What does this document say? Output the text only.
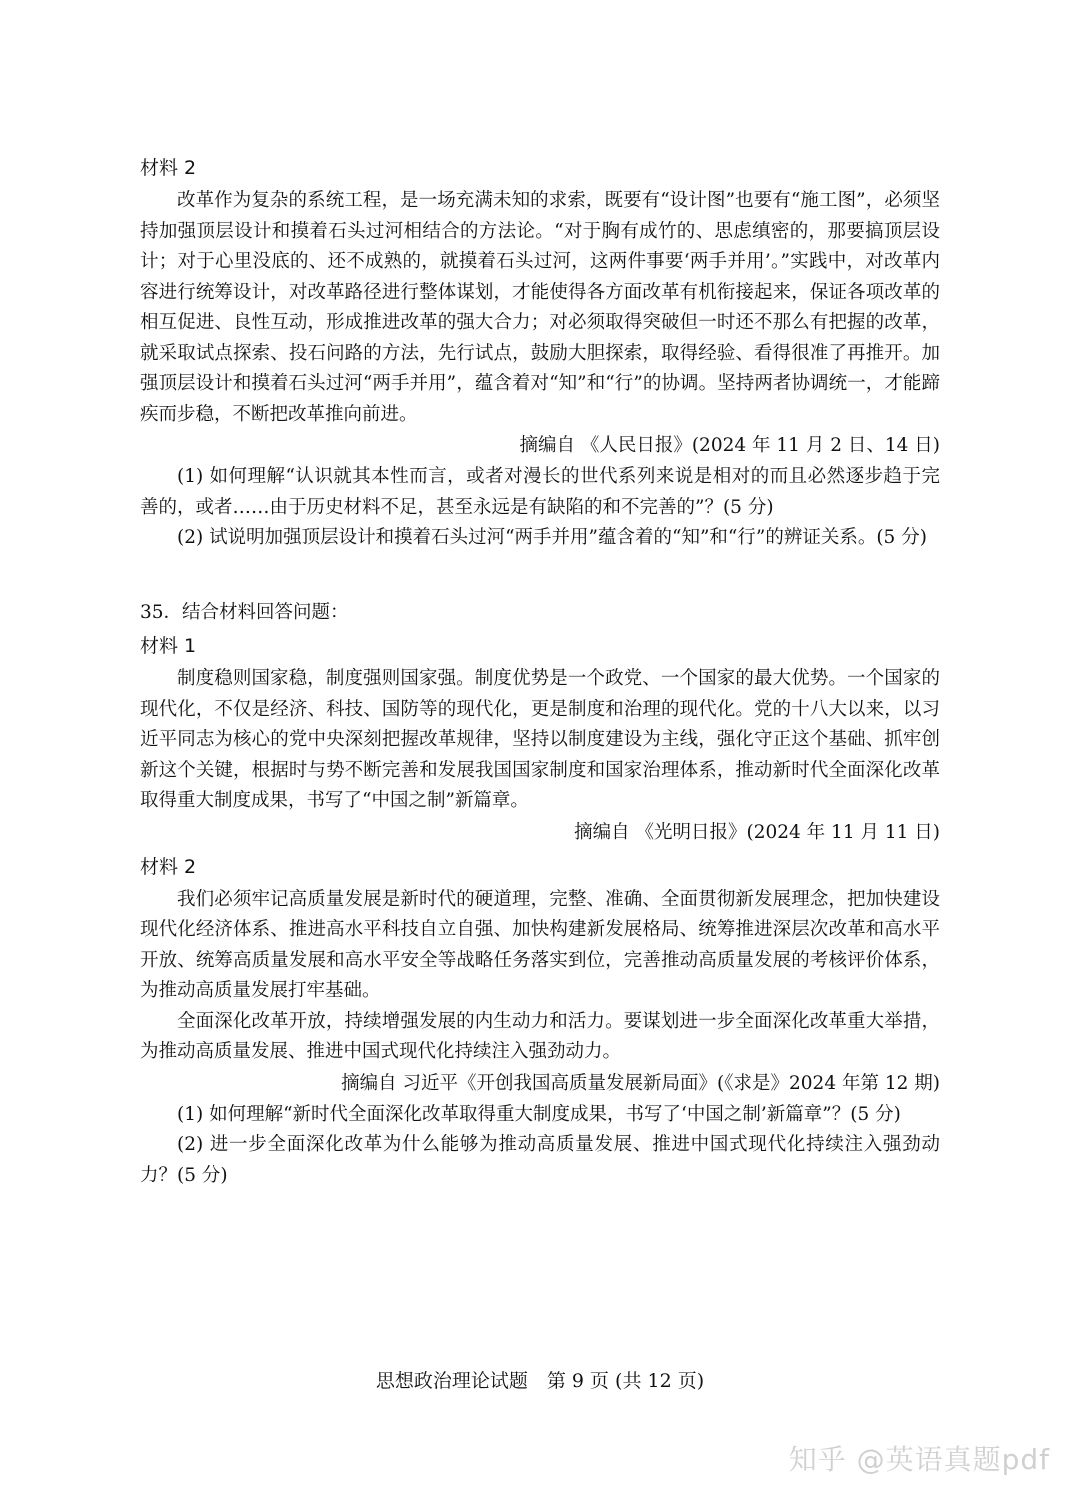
材料 2

改革作为复杂的系统工程，是一场充满未知的求索，既要有“设计图”也要有“施工图”，必须坚持加强顶层设计和摸着石头过河相结合的方法论。“对于胸有成竹的、思虑缜密的，那要搞顶层设计；对于心里没底的、还不成熟的，就摸着石头过河，这两件事要‘两手并用’。”实践中，对改革内容进行统筹设计，对改革路径进行整体谋划，才能使得各方面改革有机衔接起来，保证各项改革的相互促进、良性互动，形成推进改革的强大合力；对必须取得突破但一时还不那么有把握的改革，就采取试点探索、投石问路的方法，先行试点，鼓励大胆探索，取得经验、看得很准了再推开。加强顶层设计和摸着石头过河“两手并用”，蕴含着对“知”和“行”的协调。坚持两者协调统一，才能蹄疾而步稳，不断把改革推向前进。

摘编自 《人民日报》(2024 年 11 月 2 日、14 日)

(1) 如何理解“认识就其本性而言，或者对漫长的世代系列来说是相对的而且必然逐步趋于完善的，或者……由于历史材料不足，甚至永远是有缺陷的和不完善的”？(5 分)

(2) 试说明加强顶层设计和摸着石头过河“两手并用”蕴含着的“知”和“行”的辨证关系。(5 分)

35．结合材料回答问题：

材料 1

制度稳则国家稳，制度强则国家强。制度优势是一个政党、一个国家的最大优势。一个国家的现代化，不仅是经济、科技、国防等的现代化，更是制度和治理的现代化。党的十八大以来，以习近平同志为核心的党中央深刻把握改革规律，坚持以制度建设为主线，强化守正这个基础、抓牢创新这个关键，根据时与势不断完善和发展我国国家制度和国家治理体系，推动新时代全面深化改革取得重大制度成果，书写了“中国之制”新篇章。

摘编自 《光明日报》(2024 年 11 月 11 日)

材料 2

我们必须牢记高质量发展是新时代的硬道理，完整、准确、全面贯彻新发展理念，把加快建设现代化经济体系、推进高水平科技自立自强、加快构建新发展格局、统筹推进深层次改革和高水平开放、统筹高质量发展和高水平安全等战略任务落实到位，完善推动高质量发展的考核评价体系，为推动高质量发展打牢基础。

全面深化改革开放，持续增强发展的内生动力和活力。要谋划进一步全面深化改革重大举措，为推动高质量发展、推进中国式现代化持续注入强劲动力。

摘编自 习近平《开创我国高质量发展新局面》(《求是》2024 年第 12 期)

(1) 如何理解“新时代全面深化改革取得重大制度成果，书写了‘中国之制’新篇章”？(5 分)

(2) 进一步全面深化改革为什么能够为推动高质量发展、推进中国式现代化持续注入强劲动力？(5 分)

思想政治理论试题　第 9 页 (共 12 页)
知乎 @英语真题pdf
